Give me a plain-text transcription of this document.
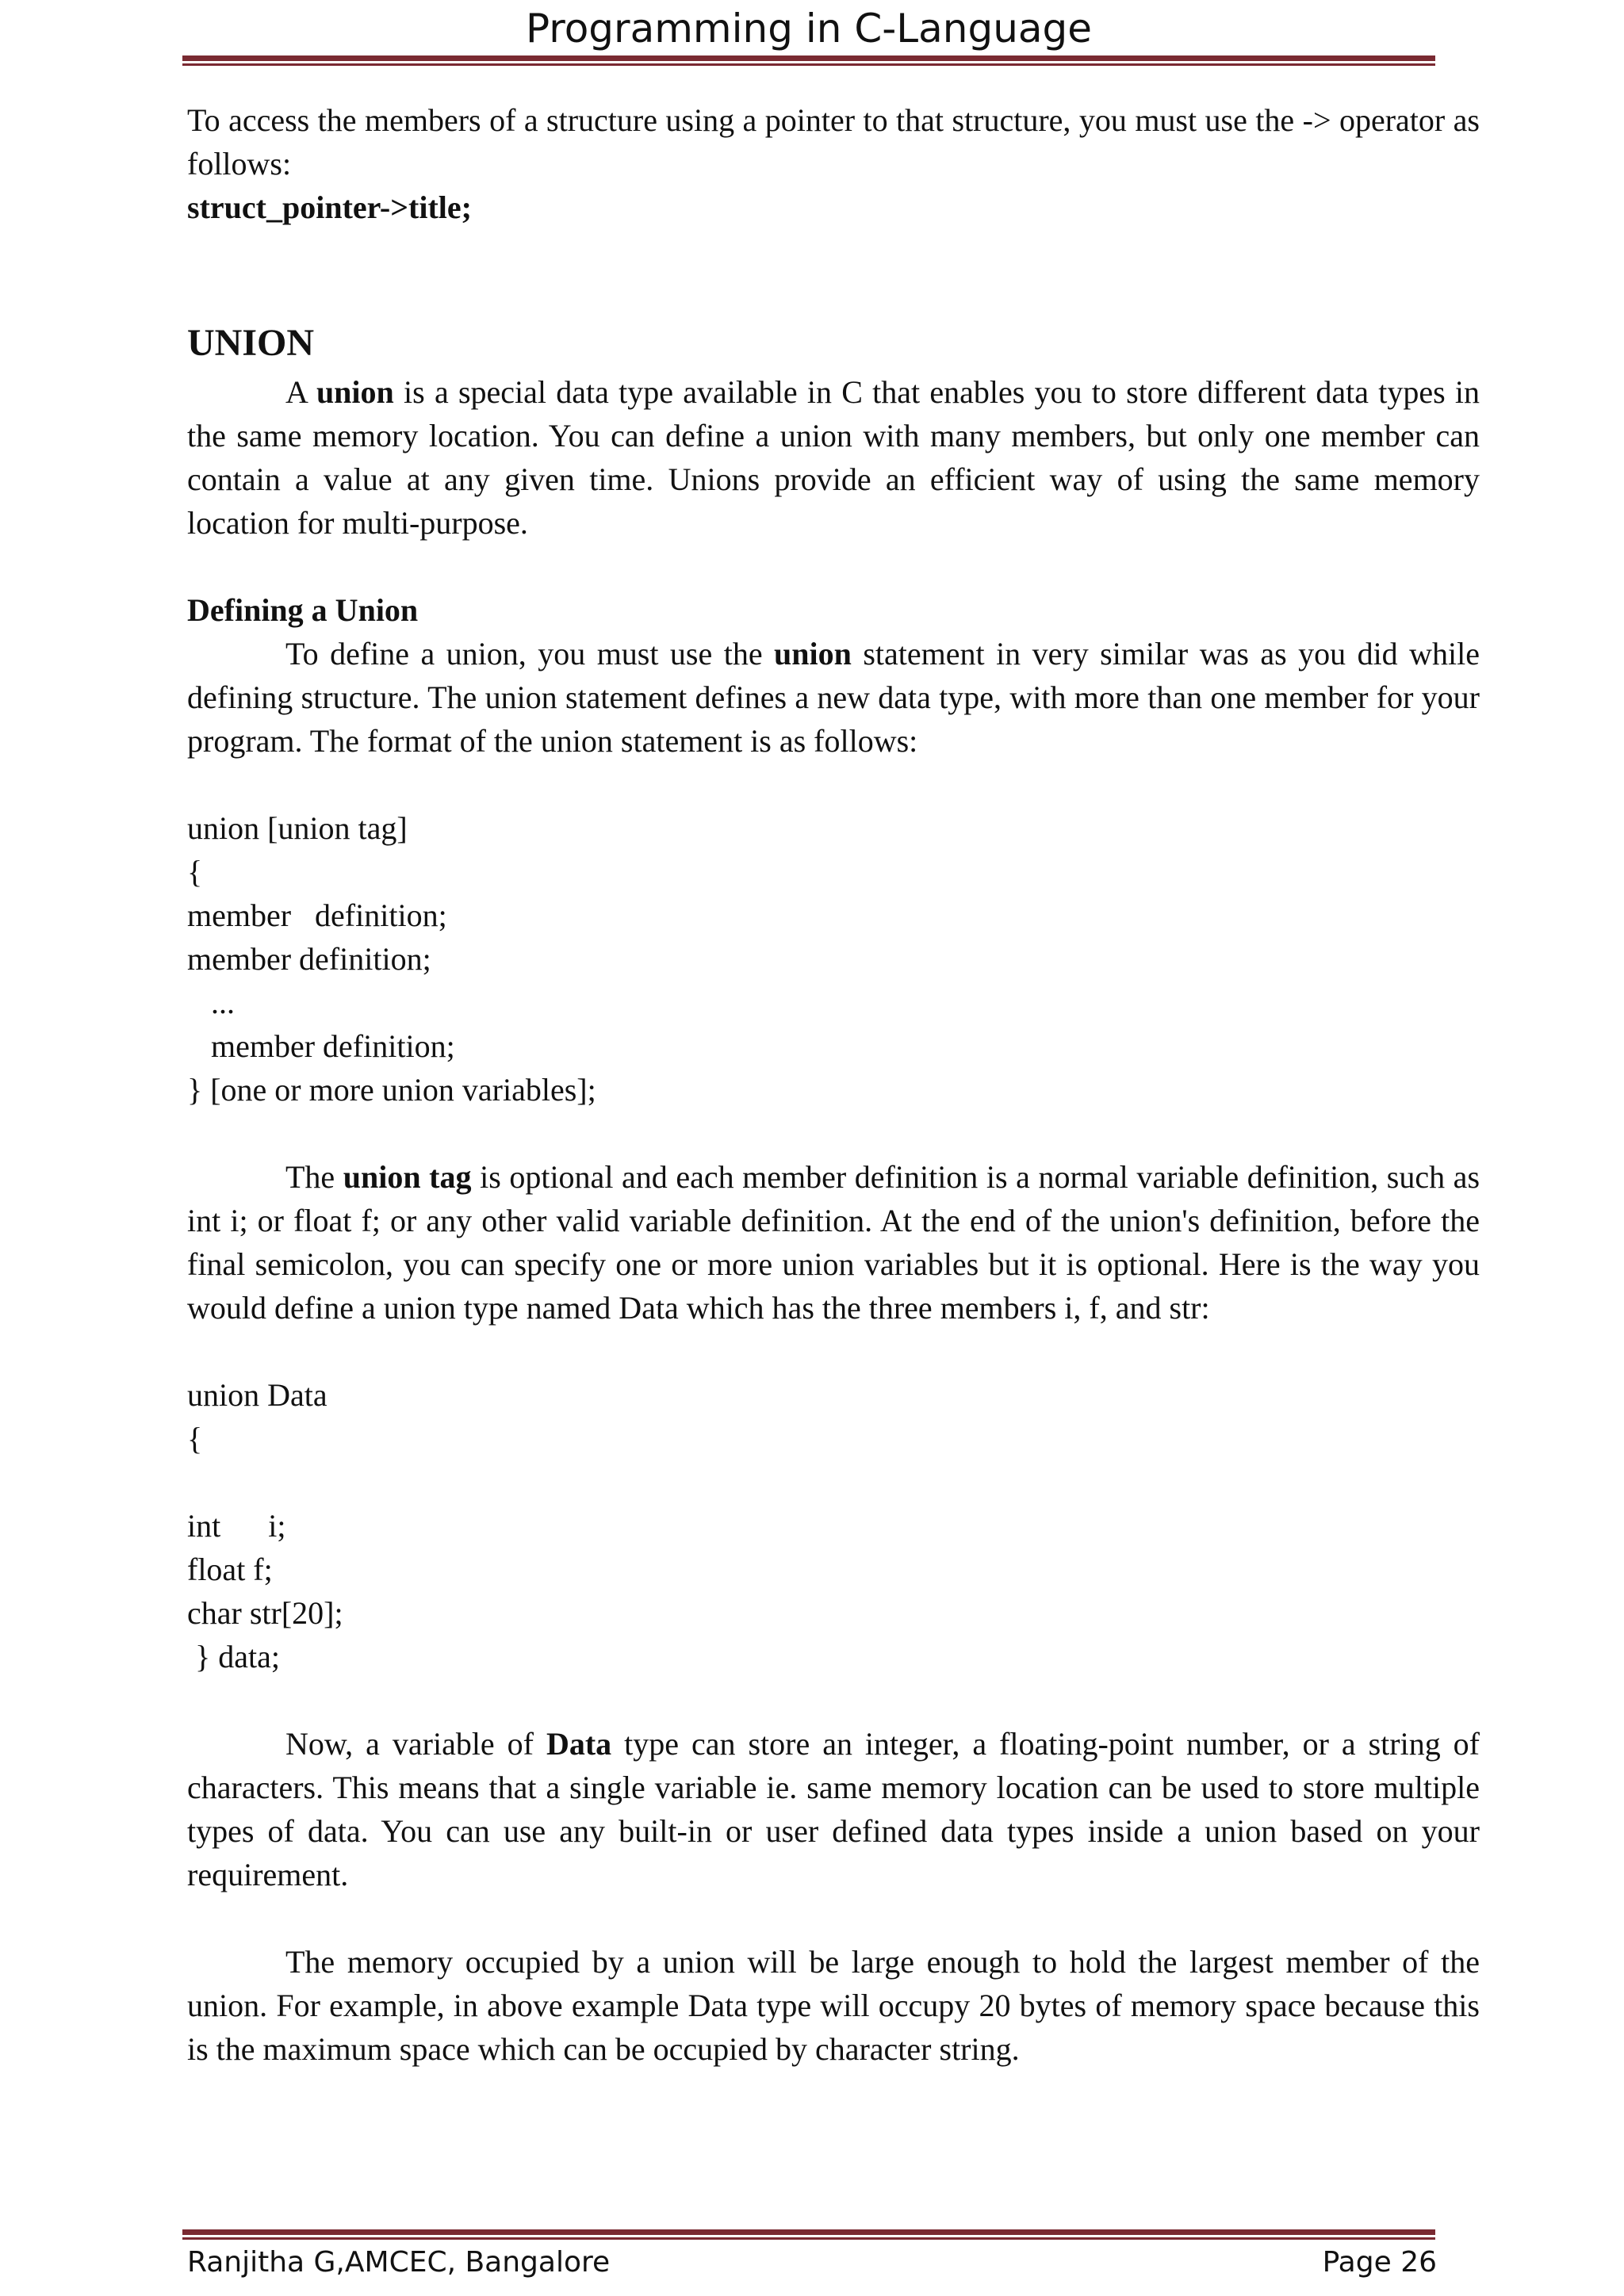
Programming in C-Language

To access the members of a structure using a pointer to that structure, you must use the -> operator as follows:

struct_pointer->title;

UNION

A union is a special data type available in C that enables you to store different data types in the same memory location. You can define a union with many members, but only one member can contain a value at any given time. Unions provide an efficient way of using the same memory location for multi-purpose.

Defining a Union

To define a union, you must use the union statement in very similar was as you did while defining structure. The union statement defines a new data type, with more than one member for your program. The format of the union statement is as follows:

union [union tag]

{

member   definition;

member definition;

...

member definition;

} [one or more union variables];

The union tag is optional and each member definition is a normal variable definition, such as int i; or float f; or any other valid variable definition. At the end of the union's definition, before the final semicolon, you can specify one or more union variables but it is optional. Here is the way you would define a union type named Data which has the three members i, f, and str:

union Data

{

int      i;

float f;

char str[20];

} data;

Now, a variable of Data type can store an integer, a floating-point number, or a string of characters. This means that a single variable ie. same memory location can be used to store multiple types of data. You can use any built-in or user defined data types inside a union based on your requirement.

The memory occupied by a union will be large enough to hold the largest member of the union. For example, in above example Data type will occupy 20 bytes of memory space because this is the maximum space which can be occupied by character string.

Ranjitha G,AMCEC, Bangalore	Page 26
